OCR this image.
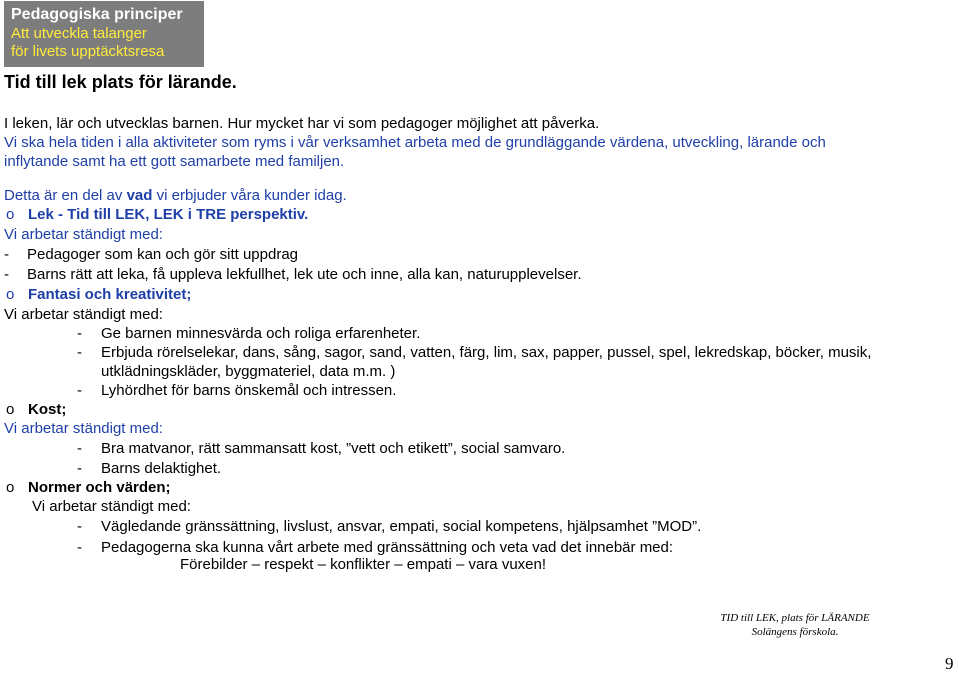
Pedagogiska principer
Att utveckla talanger
för livets upptäcktsresa
Tid till lek plats för lärande.
I leken, lär och utvecklas barnen. Hur mycket har vi som pedagoger möjlighet att påverka.
Vi ska hela tiden i alla aktiviteter som ryms i vår verksamhet arbeta med de grundläggande värdena, utveckling, lärande och
inflytande samt ha ett gott samarbete med familjen.
Detta är en del av vad vi erbjuder våra kunder idag.
o Lek - Tid till LEK, LEK i TRE perspektiv.
Vi arbetar ständigt med:
- Pedagoger som kan och gör sitt uppdrag
- Barns rätt att leka, få uppleva lekfullhet, lek ute och inne, alla kan, naturupplevelser.
o Fantasi och kreativitet;
Vi arbetar ständigt med:
- Ge barnen minnesvärda och roliga erfarenheter.
- Erbjuda rörelselekar, dans, sång, sagor, sand, vatten, färg, lim, sax, papper, pussel, spel, lekredskap, böcker, musik,
utklädningskläder, byggmateriel, data m.m. )
- Lyhördhet för barns önskemål och intressen.
o Kost;
Vi arbetar ständigt med:
- Bra matvanor, rätt sammansatt kost, ”vett och etikett”, social samvaro.
- Barns delaktighet.
o Normer och värden;
Vi arbetar ständigt med:
- Vägledande gränssättning, livslust, ansvar, empati, social kompetens, hjälpsamhet ”MOD”.
- Pedagogerna ska kunna vårt arbete med gränssättning och veta vad det innebär med:
Förebilder – respekt – konflikter – empati – vara vuxen!
TID till LEK, plats för LÄRANDE
Solängens förskola.
9
